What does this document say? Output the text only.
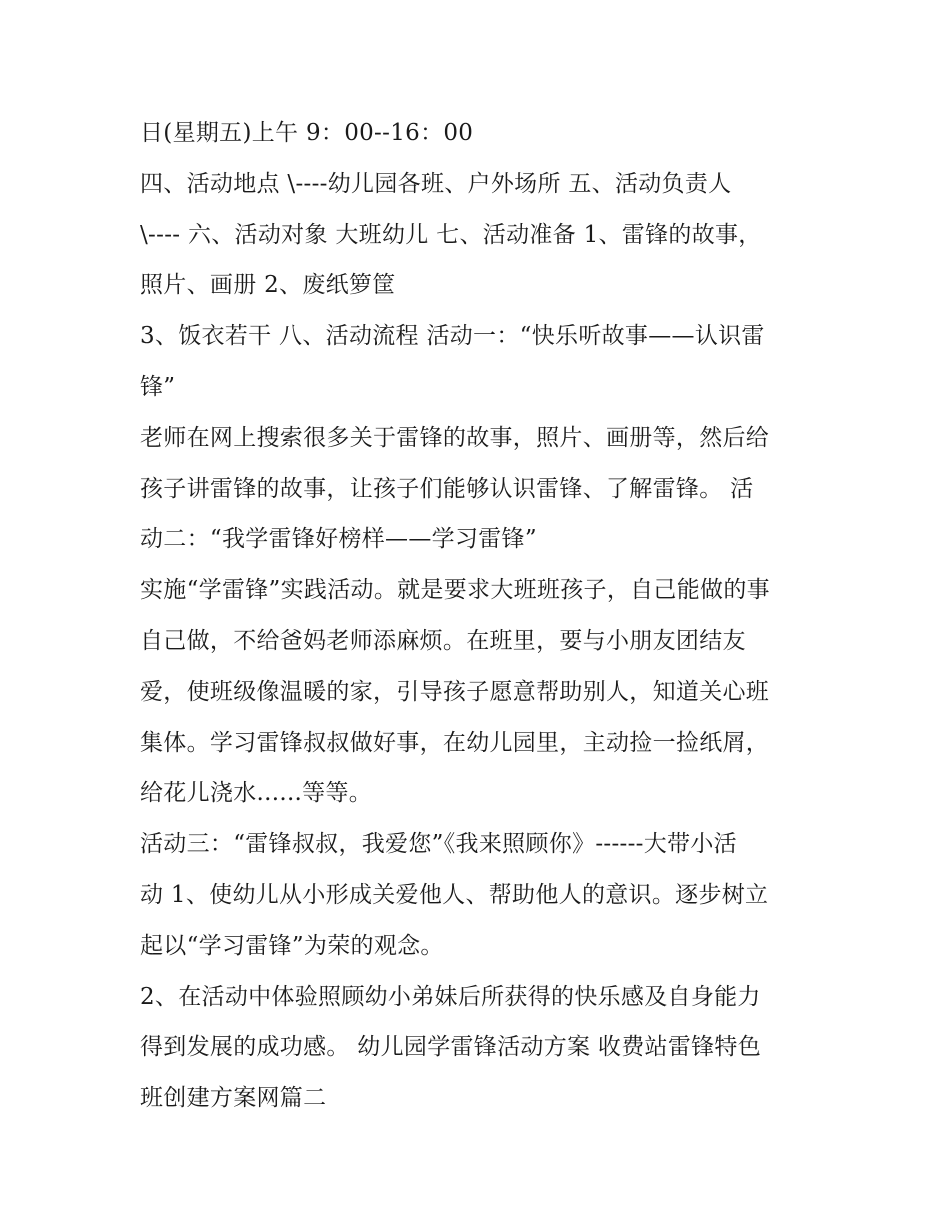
日(星期五)上午 9：00--16：00

四、活动地点 \----幼儿园各班、户外场所 五、活动负责人

\---- 六、活动对象 大班幼儿 七、活动准备 1、雷锋的故事，

照片、画册 2、废纸箩筐

3、饭衣若干 八、活动流程 活动一：“快乐听故事——认识雷

锋”

老师在网上搜索很多关于雷锋的故事，照片、画册等，然后给

孩子讲雷锋的故事，让孩子们能够认识雷锋、了解雷锋。 活

动二：“我学雷锋好榜样——学习雷锋”

实施“学雷锋”实践活动。就是要求大班班孩子，自己能做的事

自己做，不给爸妈老师添麻烦。在班里，要与小朋友团结友

爱，使班级像温暖的家，引导孩子愿意帮助别人，知道关心班

集体。学习雷锋叔叔做好事，在幼儿园里，主动捡一捡纸屑，

给花儿浇水......等等。

活动三：“雷锋叔叔，我爱您”《我来照顾你》------大带小活

动 1、使幼儿从小形成关爱他人、帮助他人的意识。逐步树立

起以“学习雷锋”为荣的观念。

2、在活动中体验照顾幼小弟妹后所获得的快乐感及自身能力

得到发展的成功感。 幼儿园学雷锋活动方案 收费站雷锋特色

班创建方案网篇二
